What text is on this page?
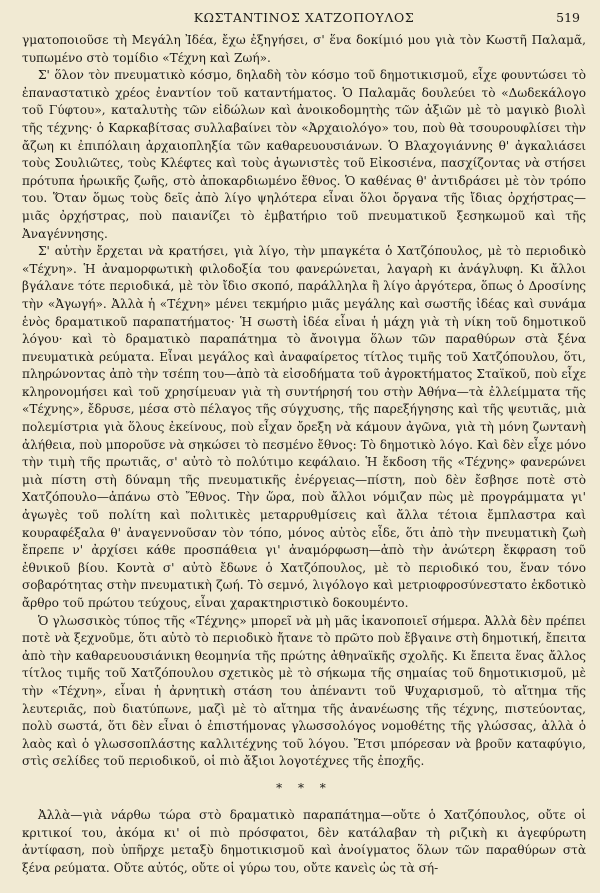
ΚΩΣΤΑΝΤΙΝΟΣ ΧΑΤΖΟΠΟΥΛΟΣ	519

γματοποιοῦσε τὴ Μεγάλη Ἰδέα, ἔχω ἐξηγήσει, σ' ἕνα δοκίμιό μου γιὰ τὸν Κωστῆ Παλαμᾶ, τυπωμένο στὸ τομίδιο «Τέχνη καὶ Ζωή».

Σ' ὅλον τὸν πνευματικὸ κόσμο, δηλαδὴ τὸν κόσμο τοῦ δημοτικισμοῦ, εἶχε φουντώσει τὸ ἐπαναστατικὸ χρέος ἐναντίον τοῦ καταντήματος. Ὁ Παλαμᾶς δουλεύει τὸ «Δωδεκάλογο τοῦ Γύφτου», καταλυτὴς τῶν εἰδώλων καὶ ἀνοικοδομητὴς τῶν ἀξιῶν μὲ τὸ μαγικὸ βιολὶ τῆς τέχνης· ὁ Καρκαβίτσας συλλαβαίνει τὸν «Ἀρχαιολόγο» του, ποὺ θὰ τσουρουφλίσει τὴν ἄζωη κι ἐπιπόλαιη ἀρχαιοπληξία τῶν καθαρευουσιάνων. Ὁ Βλαχογιάννης θ' ἀγκαλιάσει τοὺς Σουλιῶτες, τοὺς Κλέφτες καὶ τοὺς ἀγωνιστὲς τοῦ Εἰκοσιένα, πασχίζοντας νὰ στήσει πρότυπα ἡρωικῆς ζωῆς, στὸ ἀποκαρδιωμένο ἔθνος. Ὁ καθένας θ' ἀντιδράσει μὲ τὸν τρόπο του. Ὅταν ὅμως τοὺς δεῖς ἀπὸ λίγο ψηλότερα εἶναι ὅλοι ὄργανα τῆς ἴδιας ὀρχήστρας—μιᾶς ὀρχήστρας, ποὺ παιανίζει τὸ ἐμβατήριο τοῦ πνευματικοῦ ξεσηκωμοῦ καὶ τῆς Ἀναγέννησης.

Σ' αὐτὴν ἔρχεται νὰ κρατήσει, γιὰ λίγο, τὴν μπαγκέτα ὁ Χατζόπουλος, μὲ τὸ περιοδικὸ «Τέχνη». Ἡ ἀναμορφωτικὴ φιλοδοξία του φανερώνεται, λαγαρὴ κι ἀνάγλυφη. Κι ἄλλοι βγάλανε τότε περιοδικά, μὲ τὸν ἴδιο σκοπό, παράλληλα ἢ λίγο ἀργότερα, ὅπως ὁ Δροσίνης τὴν «Ἀγωγή». Ἀλλὰ ἡ «Τέχνη» μένει τεκμήριο μιᾶς μεγάλης καὶ σωστῆς ἰδέας καὶ συνάμα ἑνὸς δραματικοῦ παραπατήματος· Ἡ σωστὴ ἰδέα εἶναι ἡ μάχη γιὰ τὴ νίκη τοῦ δημοτικοῦ λόγου· καὶ τὸ δραματικὸ παραπάτημα τὸ ἄνοιγμα ὅλων τῶν παραθύρων στὰ ξένα πνευματικὰ ρεύματα. Εἶναι μεγάλος καὶ ἀναφαίρετος τίτλος τιμῆς τοῦ Χατζόπουλου, ὅτι, πληρώνοντας ἀπὸ τὴν τσέπη του—ἀπὸ τὰ εἰσοδήματα τοῦ ἀγροκτήματος Σταϊκοῦ, ποὺ εἶχε κληρονομήσει καὶ τοῦ χρησίμευαν γιὰ τὴ συντήρησή του στὴν Ἀθήνα—τὰ ἐλλείμματα τῆς «Τέχνης», ἔδρυσε, μέσα στὸ πέλαγος τῆς σύγχυσης, τῆς παρεξήγησης καὶ τῆς ψευτιᾶς, μιὰ πολεμίστρια γιὰ ὅλους ἐκείνους, ποὺ εἶχαν ὄρεξη νὰ κάμουν ἀγῶνα, γιὰ τὴ μόνη ζωντανὴ ἀλήθεια, ποὺ μποροῦσε νὰ σηκώσει τὸ πεσμένο ἔθνος: Τὸ δημοτικὸ λόγο. Καὶ δὲν εἶχε μόνο τὴν τιμὴ τῆς πρωτιᾶς, σ' αὐτὸ τὸ πολύτιμο κεφάλαιο. Ἡ ἔκδοση τῆς «Τέχνης» φανερώνει μιὰ πίστη στὴ δύναμη τῆς πνευματικῆς ἐνέργειας—πίστη, ποὺ δὲν ἔσβησε ποτὲ στὸ Χατζόπουλο—ἀπάνω στὸ Ἔθνος. Τὴν ὥρα, ποὺ ἄλλοι νόμιζαν πὼς μὲ προγράμματα γι' ἀγωγὲς τοῦ πολίτη καὶ πολιτικὲς μεταρρυθμίσεις καὶ ἄλλα τέτοια ἔμπλαστρα καὶ κουραφέξαλα θ' ἀναγεννοῦσαν τὸν τόπο, μόνος αὐτὸς εἶδε, ὅτι ἀπὸ τὴν πνευματικὴ ζωὴ ἔπρεπε ν' ἀρχίσει κάθε προσπάθεια γι' ἀναμόρφωση—ἀπὸ τὴν ἀνώτερη ἔκφραση τοῦ ἐθνικοῦ βίου. Κοντὰ σ' αὐτὸ ἔδωνε ὁ Χατζόπουλος, μὲ τὸ περιοδικό του, ἕναν τόνο σοβαρότητας στὴν πνευματικὴ ζωή. Τὸ σεμνό, λιγόλογο καὶ μετριοφροσύνεστατο ἐκδοτικὸ ἄρθρο τοῦ πρώτου τεύχους, εἶναι χαρακτηριστικὸ δοκουμέντο.

Ὁ γλωσσικὸς τύπος τῆς «Τέχνης» μπορεῖ νὰ μὴ μᾶς ἱκανοποιεῖ σήμερα. Ἀλλὰ δὲν πρέπει ποτὲ νὰ ξεχνοῦμε, ὅτι αὐτὸ τὸ περιοδικὸ ἤτανε τὸ πρῶτο ποὺ ἔβγαινε στὴ δημοτική, ἔπειτα ἀπὸ τὴν καθαρευουσιάνικη θεομηνία τῆς πρώτης ἀθηναϊκῆς σχολῆς. Κι ἔπειτα ἕνας ἄλλος τίτλος τιμῆς τοῦ Χατζόπουλου σχετικὸς μὲ τὸ σήκωμα τῆς σημαίας τοῦ δημοτικισμοῦ, μὲ τὴν «Τέχνη», εἶναι ἡ ἀρνητικὴ στάση του ἀπέναντι τοῦ Ψυχαρισμοῦ, τὸ αἴτημα τῆς λευτεριᾶς, ποὺ διατύπωνε, μαζὶ μὲ τὸ αἴτημα τῆς ἀνανέωσης τῆς τέχνης, πιστεύοντας, πολὺ σωστά, ὅτι δὲν εἶναι ὁ ἐπιστήμονας γλωσσολόγος νομοθέτης τῆς γλώσσας, ἀλλὰ ὁ λαὸς καὶ ὁ γλωσσοπλάστης καλλιτέχνης τοῦ λόγου. Ἔτσι μπόρεσαν νὰ βροῦν καταφύγιο, στὶς σελίδες τοῦ περιοδικοῦ, οἱ πιὸ ἄξιοι λογοτέχνες τῆς ἐποχῆς.

* * *

Ἀλλὰ—γιὰ νάρθω τώρα στὸ δραματικὸ παραπάτημα—οὔτε ὁ Χατζόπουλος, οὔτε οἱ κριτικοί του, ἀκόμα κι' οἱ πιὸ πρόσφατοι, δὲν κατάλαβαν τὴ ριζικὴ κι ἀγεφύρωτη ἀντίφαση, ποὺ ὑπῆρχε μεταξὺ δημοτικισμοῦ καὶ ἀνοίγματος ὅλων τῶν παραθύρων στὰ ξένα ρεύματα. Οὔτε αὐτός, οὔτε οἱ γύρω του, οὔτε κανεὶς ὡς τὰ σή-
